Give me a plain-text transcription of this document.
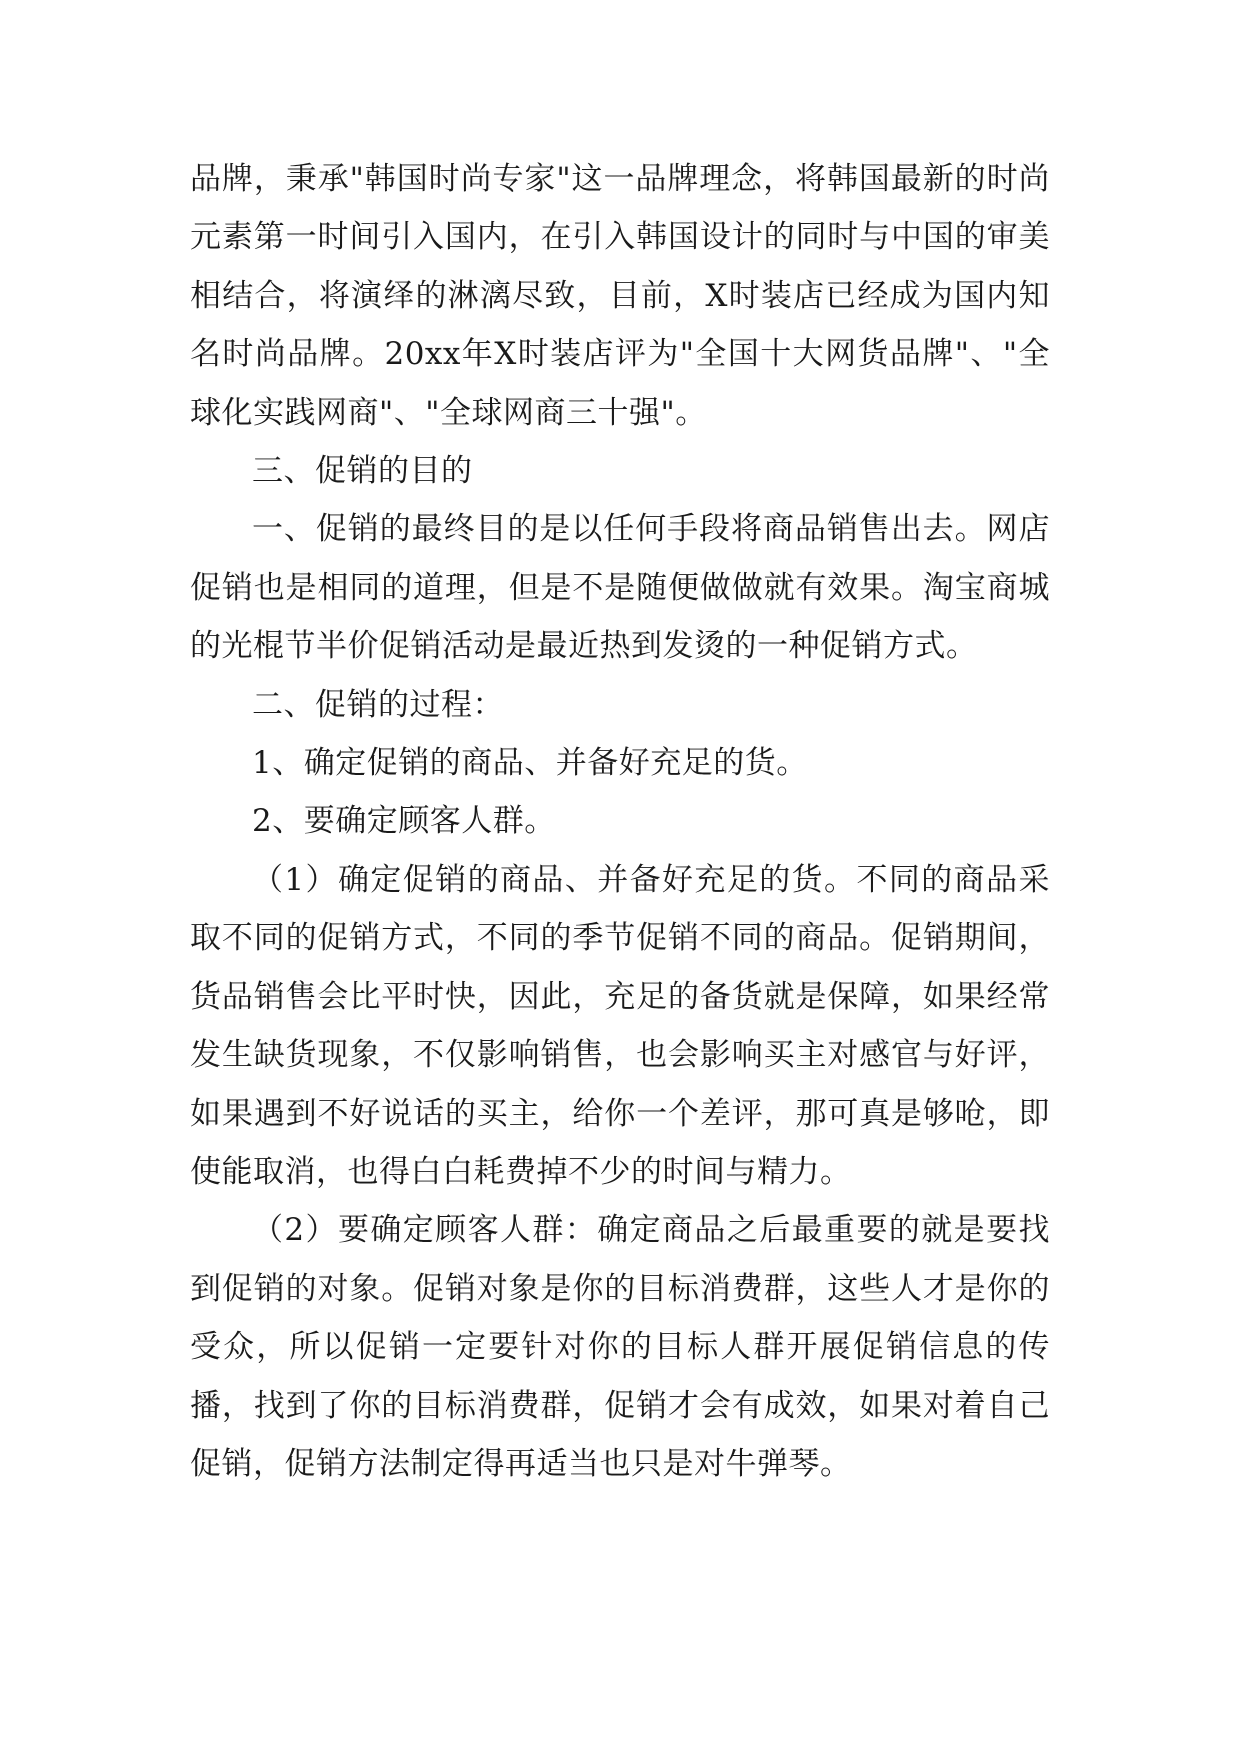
品牌，秉承"韩国时尚专家"这一品牌理念，将韩国最新的时尚元素第一时间引入国内，在引入韩国设计的同时与中国的审美相结合，将演绎的淋漓尽致，目前，X时装店已经成为国内知名时尚品牌。20xx年X时装店评为"全国十大网货品牌"、"全球化实践网商"、"全球网商三十强"。

三、促销的目的

一、促销的最终目的是以任何手段将商品销售出去。网店促销也是相同的道理，但是不是随便做做就有效果。淘宝商城的光棍节半价促销活动是最近热到发烫的一种促销方式。

二、促销的过程：

1、确定促销的商品、并备好充足的货。

2、要确定顾客人群。

（1）确定促销的商品、并备好充足的货。不同的商品采取不同的促销方式，不同的季节促销不同的商品。促销期间，货品销售会比平时快，因此，充足的备货就是保障，如果经常发生缺货现象，不仅影响销售，也会影响买主对感官与好评，如果遇到不好说话的买主，给你一个差评，那可真是够呛，即使能取消，也得白白耗费掉不少的时间与精力。

（2）要确定顾客人群：确定商品之后最重要的就是要找到促销的对象。促销对象是你的目标消费群，这些人才是你的受众，所以促销一定要针对你的目标人群开展促销信息的传播，找到了你的目标消费群，促销才会有成效，如果对着自己促销，促销方法制定得再适当也只是对牛弹琴。
